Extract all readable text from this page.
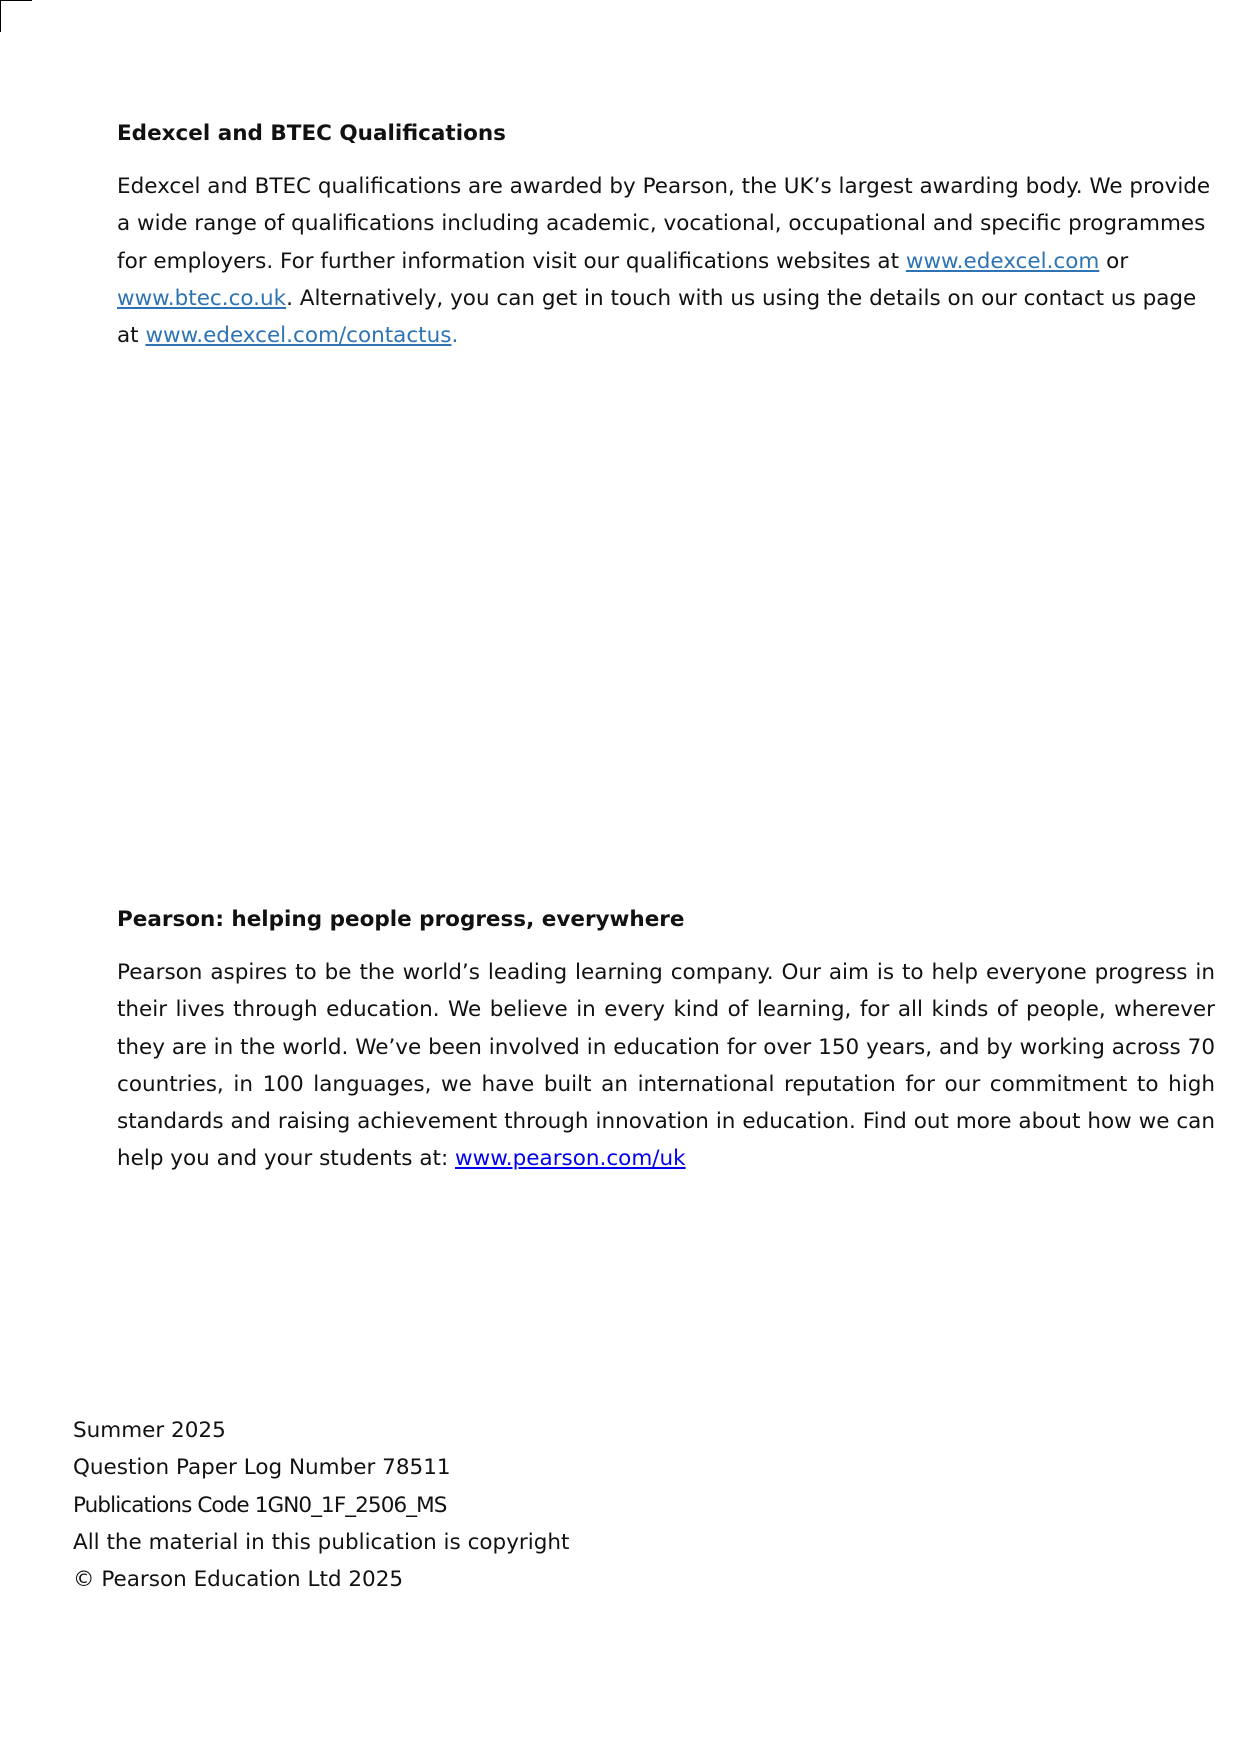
Edexcel and BTEC Qualifications

Edexcel and BTEC qualifications are awarded by Pearson, the UK’s largest awarding body. We provide a wide range of qualifications including academic, vocational, occupational and specific programmes for employers. For further information visit our qualifications websites at www.edexcel.com or www.btec.co.uk. Alternatively, you can get in touch with us using the details on our contact us page at www.edexcel.com/contactus.

Pearson: helping people progress, everywhere

Pearson aspires to be the world’s leading learning company. Our aim is to help everyone progress in their lives through education. We believe in every kind of learning, for all kinds of people, wherever they are in the world. We’ve been involved in education for over 150 years, and by working across 70 countries, in 100 languages, we have built an international reputation for our commitment to high standards and raising achievement through innovation in education. Find out more about how we can help you and your students at: www.pearson.com/uk

Summer 2025
Question Paper Log Number 78511
Publications Code 1GN0_1F_2506_MS
All the material in this publication is copyright
© Pearson Education Ltd 2025
